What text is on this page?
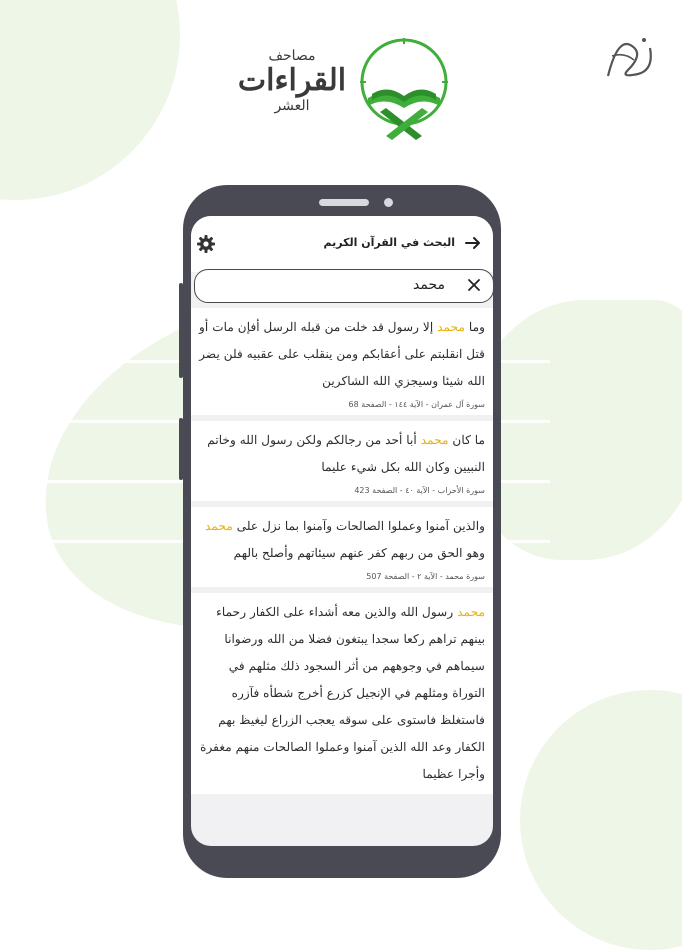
مصاحف
القراءات
العشر
البحث في القرآن الكريم
محمد
وما محمد إلا رسول قد خلت من قبله الرسل أفإن مات أو قتل انقلبتم على أعقابكم ومن ينقلب على عقبيه فلن يضر الله شيئا وسيجزي الله الشاكرين
سورة آل عمران - الآية ١٤٤ - الصفحة 68
ما كان محمد أبا أحد من رجالكم ولكن رسول الله وخاتم النبيين وكان الله بكل شيء عليما
سورة الأحزاب - الآية ٤٠ - الصفحة 423
والذين آمنوا وعملوا الصالحات وآمنوا بما نزل على محمد وهو الحق من ربهم كفر عنهم سيئاتهم وأصلح بالهم
سورة محمد - الآية ٢ - الصفحة 507
محمد رسول الله والذين معه أشداء على الكفار رحماء بينهم تراهم ركعا سجدا يبتغون فضلا من الله ورضوانا سيماهم في وجوههم من أثر السجود ذلك مثلهم في التوراة ومثلهم في الإنجيل كزرع أخرج شطأه فآزره فاستغلظ فاستوى على سوقه يعجب الزراع ليغيظ بهم الكفار وعد الله الذين آمنوا وعملوا الصالحات منهم مغفرة وأجرا عظيما
